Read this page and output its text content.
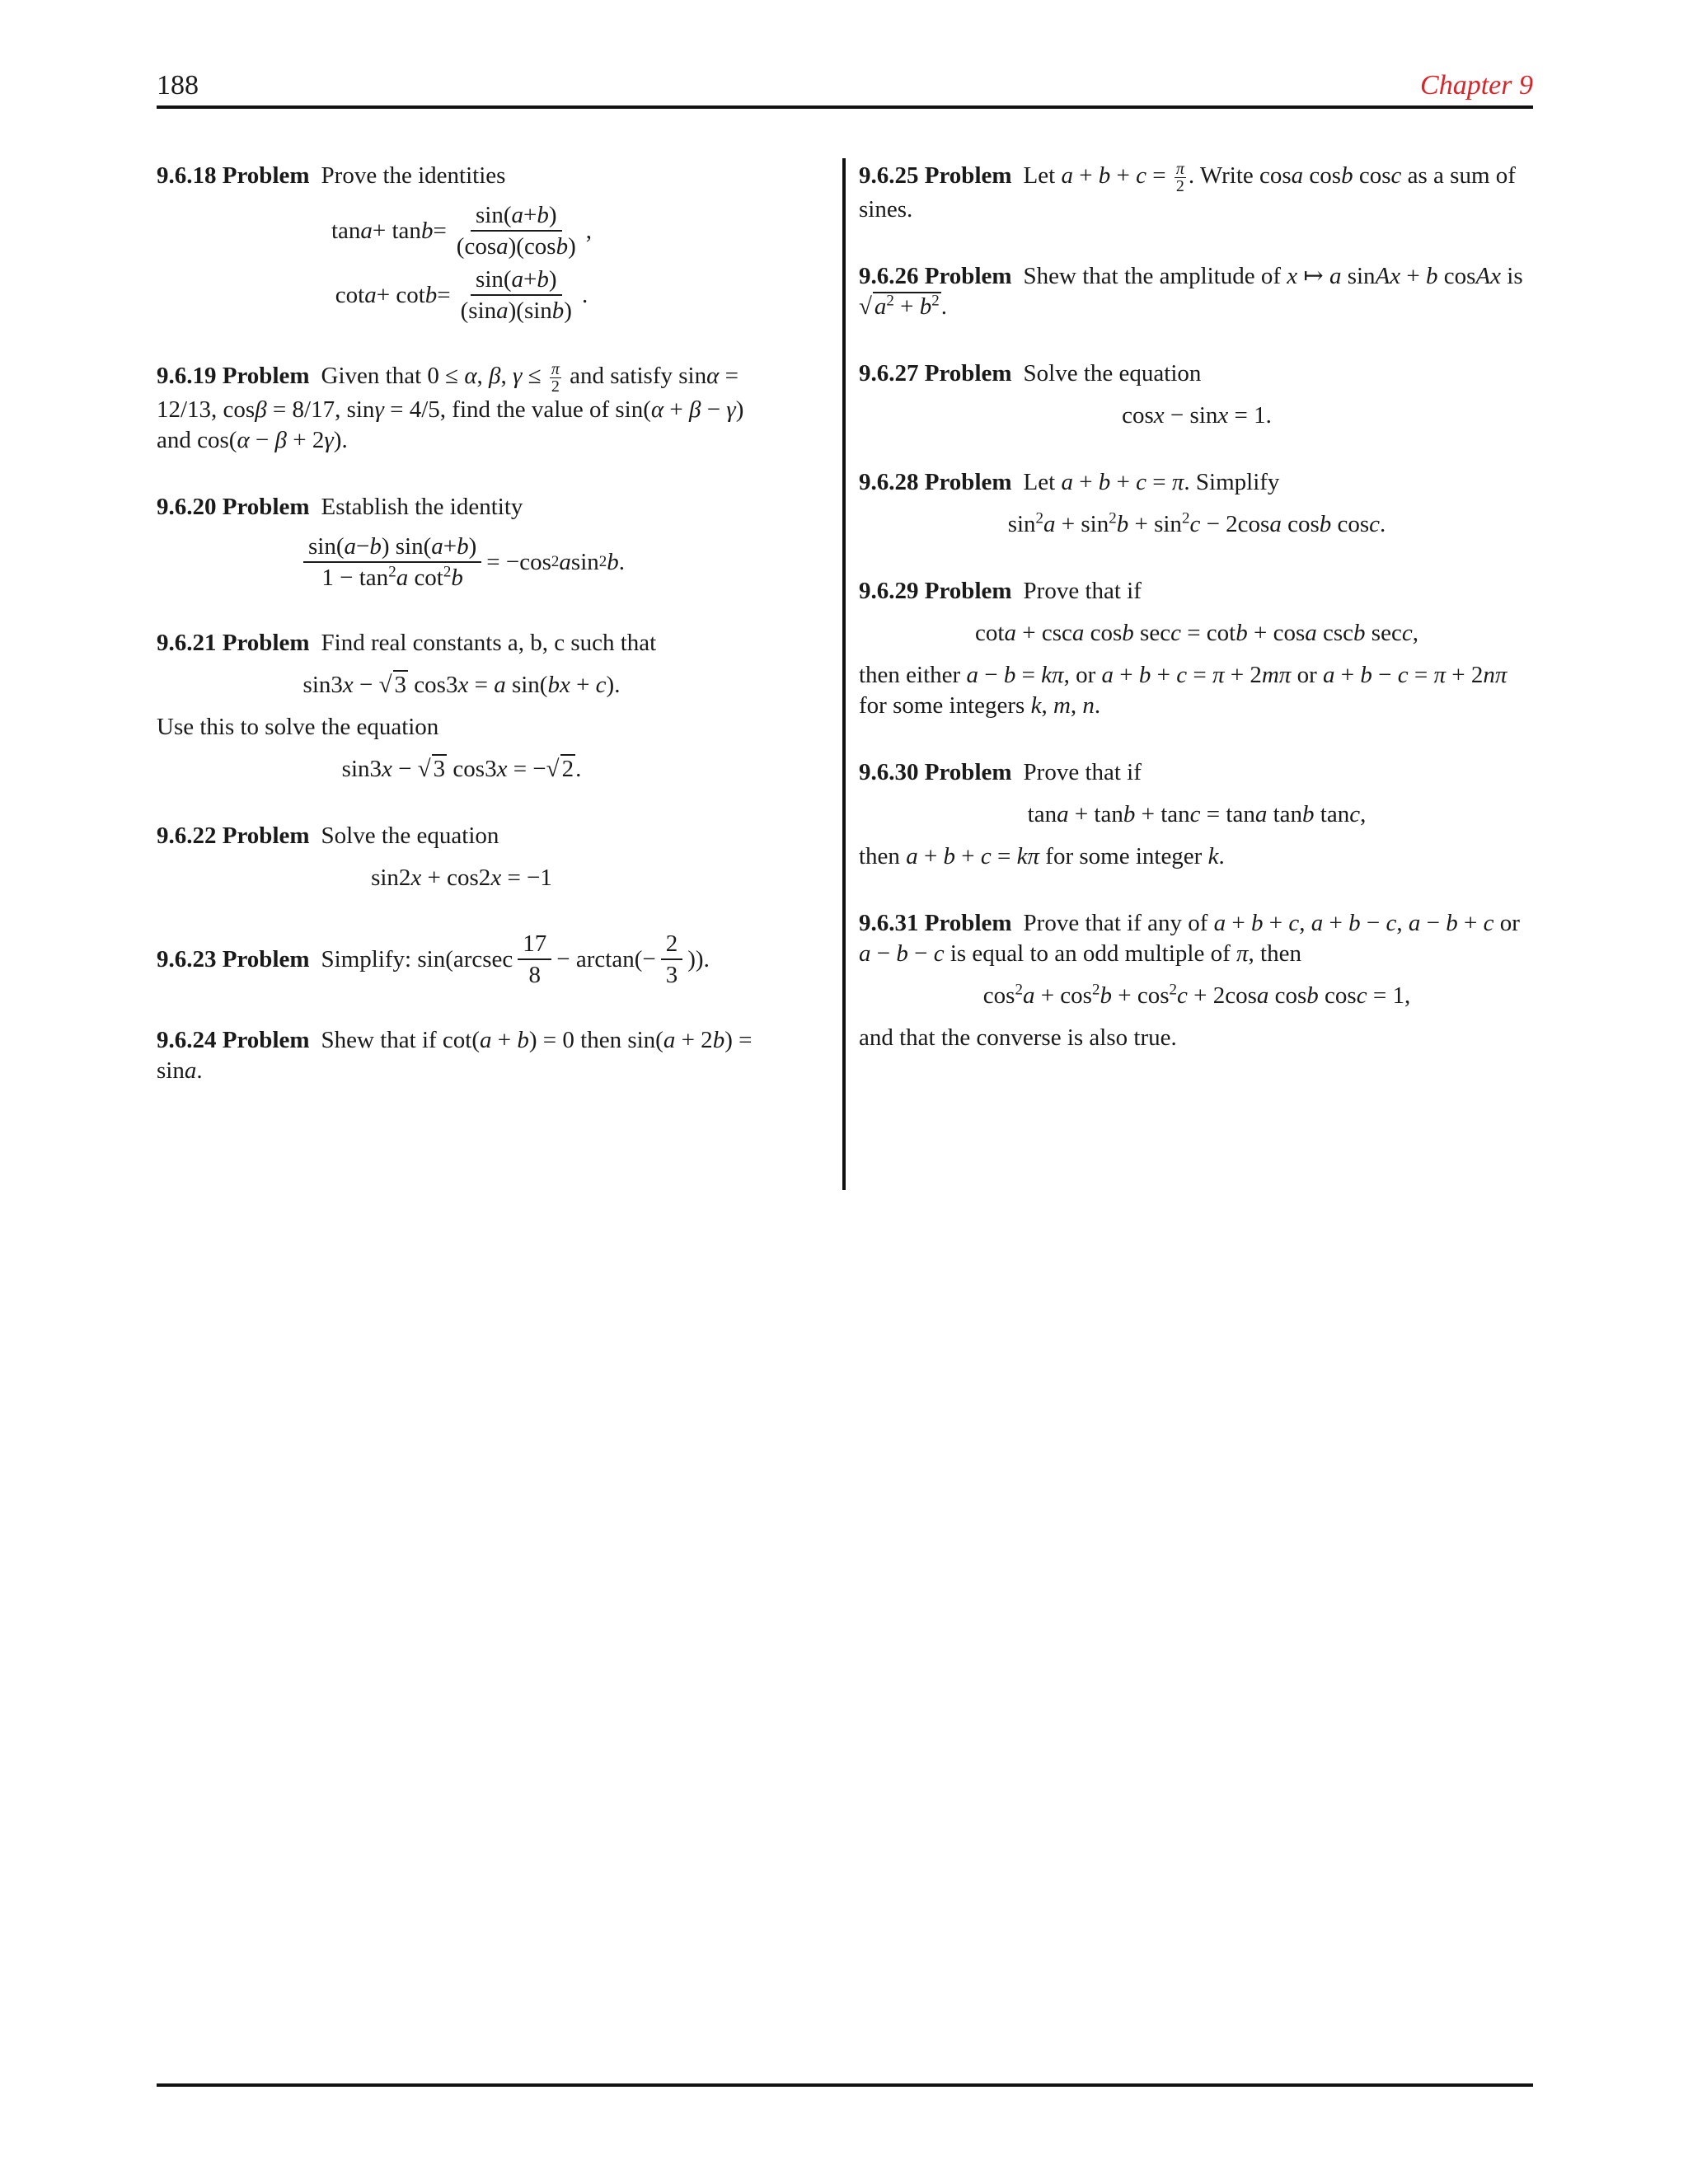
188	Chapter 9

9.6.18 Problem Prove the identities

$\tan a + \tan b = \frac{\sin(a+b)}{(\cos a)(\cos b)}$ ,
$\cot a + \cot b = \frac{\sin(a+b)}{(\sin a)(\sin b)}$ .

9.6.19 Problem Given that 0 ≤ α, β, $\gamma \le \frac{\pi}{2}$ and satisfy sinα = 12/13, cosβ = 8/17, sinγ = 4/5, find the value of sin(α + β − γ) and cos(α − β + 2γ).

9.6.20 Problem Establish the identity

$\frac{\sin(a-b) \sin(a+b)}{1 - \tan^2a \cot^2b} = -\cos$ 2 a sin 2 b .

9.6.21 Problem Find real constants a, b, c such that

sin3x − √ 3 cos3x = a sin(bx + c).

Use this to solve the equation

sin3x − √ 3 cos3x = −√ 2.

9.6.22 Problem Solve the equation

sin2x + cos2x = −1

9.6.23 Problem Simplify: $\sin(arcsec \frac{17}{8} - \arctan(- \frac{2}{3}$ )).

9.6.24 Problem Shew that if cot(a + b) = 0 then sin(a + 2b) = sina.

9.6.25 Problem Let $a + b + c = \frac{\pi}{2}$ . Write cosa cosb cosc as a sum of sines.

9.6.26 Problem Shew that the amplitude of x ↦ a sinAx + b cosAx is √ $a^2 + b^2$.

9.6.27 Problem Solve the equation

cosx − sinx = 1.

9.6.28 Problem Let a + b + c = π. Simplify

$\sin^2a + \sin^2b + \sin^2c - 2\cos a$ cosb cosc.

9.6.29 Problem Prove that if

cota + csca cosb secc = cotb + cosa cscb secc,

then either a − b = kπ, or a + b + c = π + 2mπ or a + b − c = π + 2nπ for some integers k, m, n.

9.6.30 Problem Prove that if

tana + tanb + tanc = tana tanb tanc,

then a + b + c = kπ for some integer k.

9.6.31 Problem Prove that if any of a + b + c, a + b − c, a − b + c or a − b − c is equal to an odd multiple of π, then

$\cos^2a + \cos^2b + \cos^2c + 2\cos a$ cosb cosc = 1,

and that the converse is also true.
